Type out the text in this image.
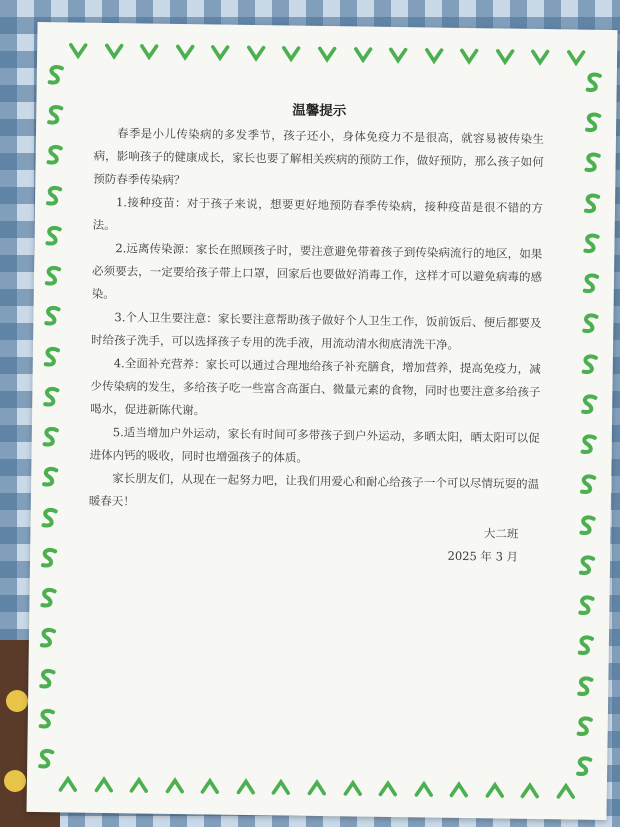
温馨提示

春季是小儿传染病的多发季节，孩子还小，身体免疫力不是很高，就容易被传染生病，影响孩子的健康成长，家长也要了解相关疾病的预防工作，做好预防，那么孩子如何预防春季传染病？

1.接种疫苗：对于孩子来说，想要更好地预防春季传染病，接种疫苗是很不错的方法。

2.远离传染源：家长在照顾孩子时，要注意避免带着孩子到传染病流行的地区，如果必须要去，一定要给孩子带上口罩，回家后也要做好消毒工作，这样才可以避免病毒的感染。

3.个人卫生要注意：家长要注意帮助孩子做好个人卫生工作，饭前饭后、便后都要及时给孩子洗手，可以选择孩子专用的洗手液，用流动清水彻底清洗干净。

4.全面补充营养：家长可以通过合理地给孩子补充膳食，增加营养，提高免疫力，减少传染病的发生，多给孩子吃一些富含高蛋白、微量元素的食物，同时也要注意多给孩子喝水，促进新陈代谢。

5.适当增加户外运动，家长有时间可多带孩子到户外运动，多晒太阳，晒太阳可以促进体内钙的吸收，同时也增强孩子的体质。

家长朋友们，从现在一起努力吧，让我们用爱心和耐心给孩子一个可以尽情玩耍的温暖春天！

大二班
2025 年 3 月
